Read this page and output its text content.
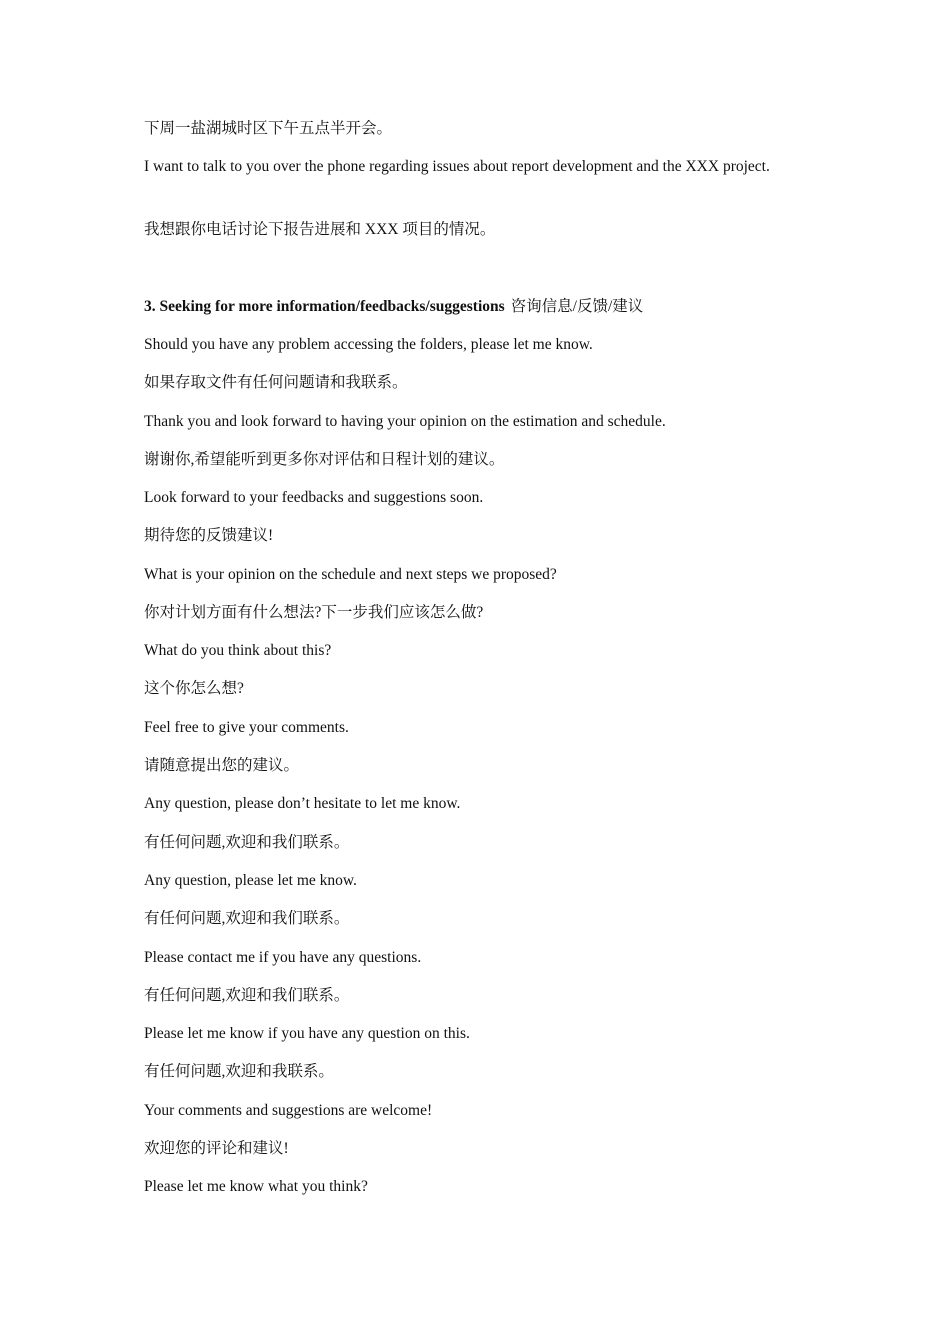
下周一盐湖城时区下午五点半开会。
I want to talk to you over the phone regarding issues about report development and the XXX project.
我想跟你电话讨论下报告进展和 XXX 项目的情况。
3. Seeking for more information/feedbacks/suggestions 咨询信息/反馈/建议
Should you have any problem accessing the folders, please let me know.
如果存取文件有任何问题请和我联系。
Thank you and look forward to having your opinion on the estimation and schedule.
谢谢你,希望能听到更多你对评估和日程计划的建议。
Look forward to your feedbacks and suggestions soon.
期待您的反馈建议!
What is your opinion on the schedule and next steps we proposed?
你对计划方面有什么想法?下一步我们应该怎么做?
What do you think about this?
这个你怎么想?
Feel free to give your comments.
请随意提出您的建议。
Any question, please don’t hesitate to let me know.
有任何问题,欢迎和我们联系。
Any question, please let me know.
有任何问题,欢迎和我们联系。
Please contact me if you have any questions.
有任何问题,欢迎和我们联系。
Please let me know if you have any question on this.
有任何问题,欢迎和我联系。
Your comments and suggestions are welcome!
欢迎您的评论和建议!
Please let me know what you think?
